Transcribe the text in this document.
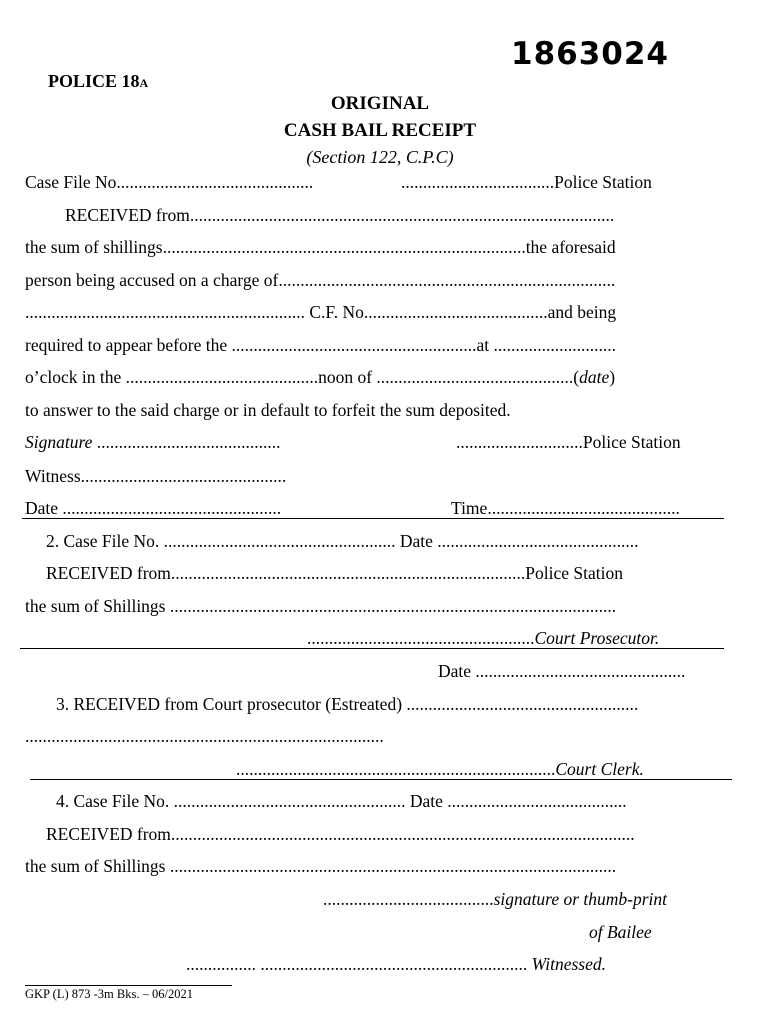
POLICE 18A

1863024
ORIGINAL
CASH BAIL RECEIPT
(Section 122, C.P.C)
Case File No.............................................	...................................Police Station
RECEIVED from.................................................................................................
the sum of shillings...................................................................................the aforesaid
person being accused on a charge of.............................................................................
................................................................ C.F. No..........................................and being
required to appear before the ........................................................at ............................
o’clock in the ............................................noon of .............................................(date)
to answer to the said charge or in default to forfeit the sum deposited.
Signature ..........................................	.............................Police Station
Witness...............................................
Date ..................................................	Time............................................
2. Case File No. ..................................................... Date ..............................................
RECEIVED from.................................................................................Police Station
the sum of Shillings ......................................................................................................
....................................................Court Prosecutor.
Date ................................................
3. RECEIVED from Court prosecutor (Estreated) .....................................................
..................................................................................
.........................................................................Court Clerk.
4. Case File No. ..................................................... Date .........................................
RECEIVED from..........................................................................................................
the sum of Shillings ......................................................................................................
.......................................signature or thumb-print
of Bailee
................ ............................................................. Witnessed.
GKP (L) 873 -3m Bks. – 06/2021
